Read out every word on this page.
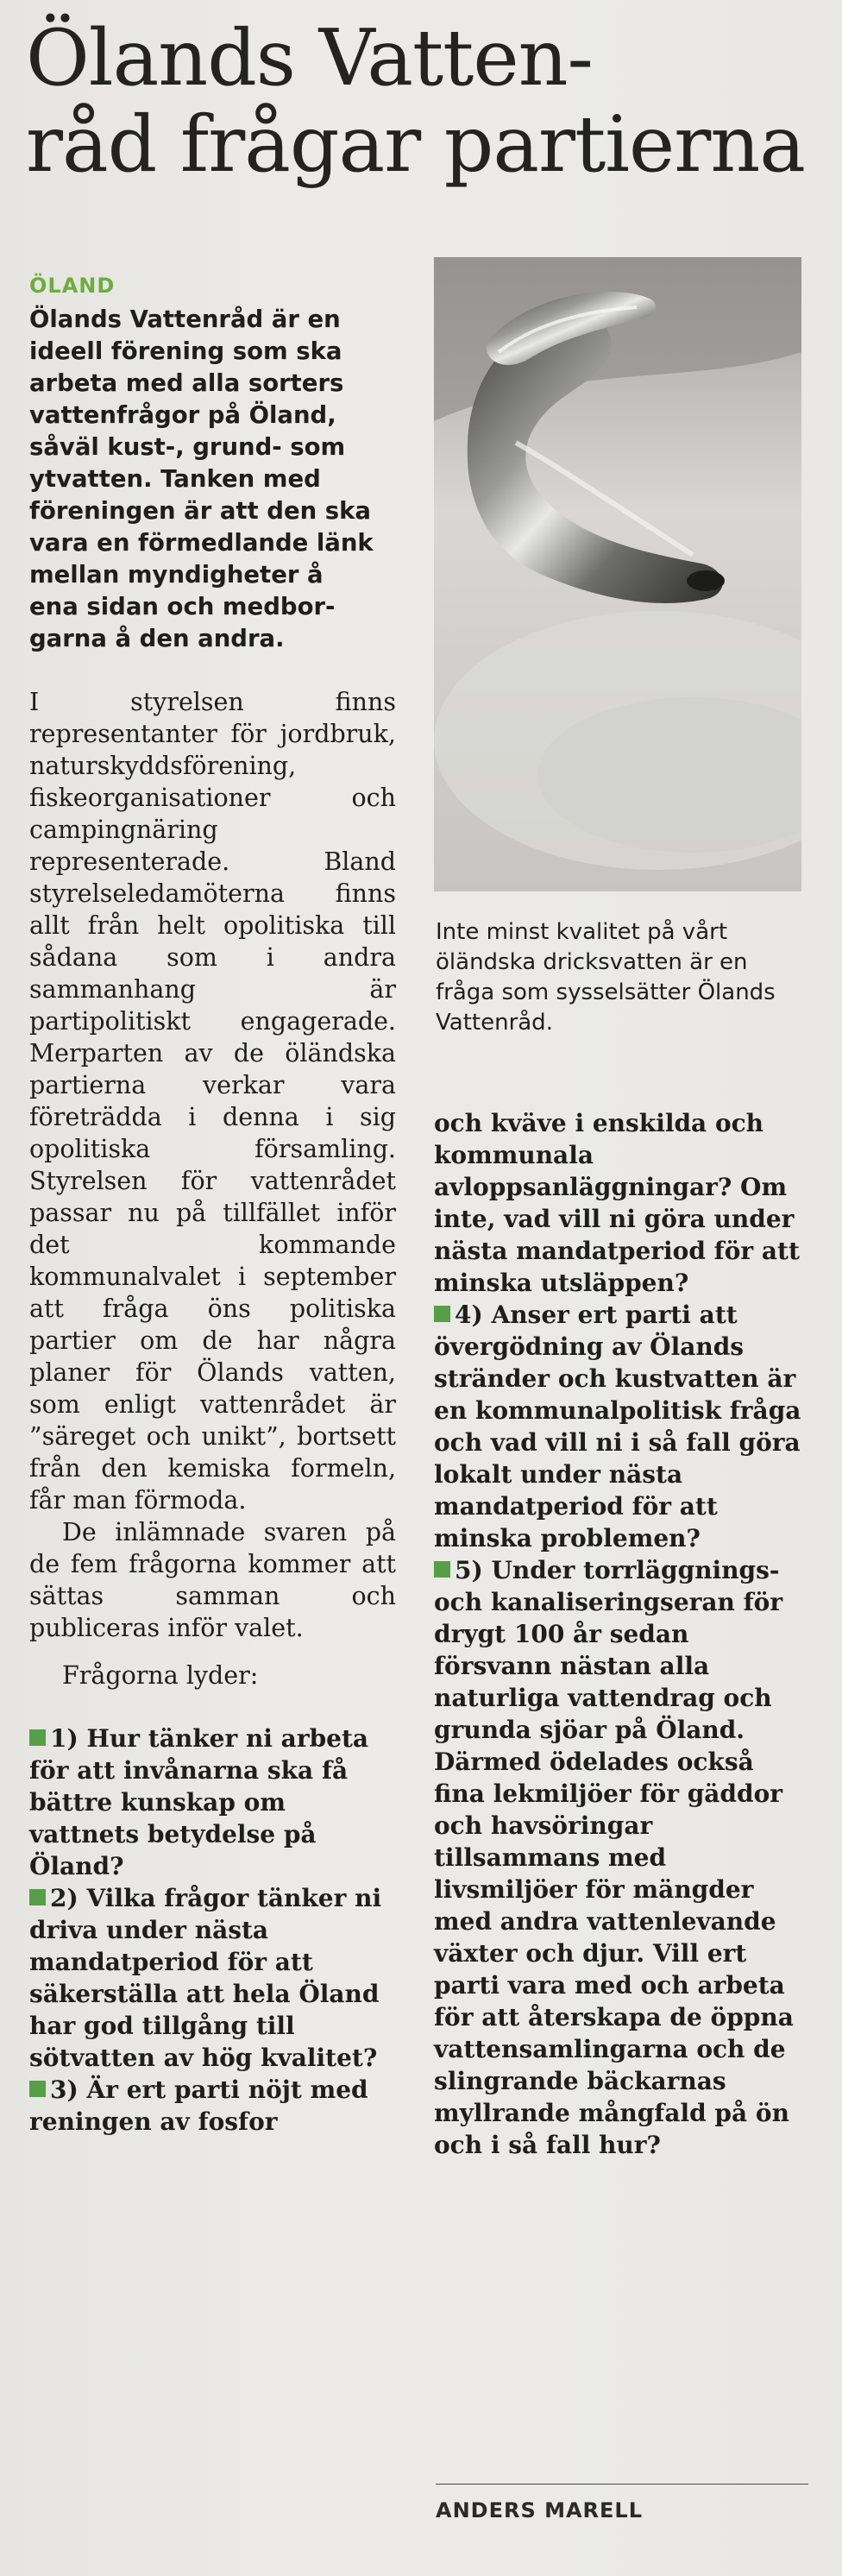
Ölands Vatten-
råd frågar partierna
ÖLAND

Inte minst kvalitet på vårt öländska dricksvatten är en fråga som sysselsätter Ölands Vattenråd.

Ölands Vattenråd är en
ideell förening som ska
arbeta med alla sorters
vattenfrågor på Öland,
såväl kust-, grund- som
ytvatten. Tanken med
föreningen är att den ska
vara en förmedlande länk
mellan myndigheter å
ena sidan och medbor-
garna å den andra.

I styrelsen finns representanter för jordbruk, naturskyddsförening, fiskeorganisationer och campingnäring representerade. Bland styrelseledamöterna finns allt från helt opolitiska till sådana som i andra sammanhang är partipolitiskt engagerade. Merparten av de öländska partierna verkar vara företrädda i denna i sig opolitiska församling. Styrelsen för vattenrådet passar nu på tillfället inför det kommande kommunalvalet i september att fråga öns politiska partier om de har några planer för Ölands vatten, som enligt vattenrådet är ”säreget och unikt”, bortsett från den kemiska formeln, får man förmoda.

De inlämnade svaren på de fem frågorna kommer att sättas samman och publiceras inför valet.

Frågorna lyder:

1) Hur tänker ni arbeta för att invånarna ska få bättre kunskap om vattnets betydelse på Öland?

2) Vilka frågor tänker ni driva under nästa mandatperiod för att säkerställa att hela Öland har god tillgång till sötvatten av hög kvalitet?

3) Är ert parti nöjt med reningen av fosfor

och kväve i enskilda och kommunala avloppsanläggningar? Om inte, vad vill ni göra under nästa mandatperiod för att minska utsläppen?

4) Anser ert parti att övergödning av Ölands stränder och kustvatten är en kommunalpolitisk fråga och vad vill ni i så fall göra lokalt under nästa mandatperiod för att minska problemen?

5) Under torrläggnings- och kanaliseringseran för drygt 100 år sedan försvann nästan alla naturliga vattendrag och grunda sjöar på Öland. Därmed ödelades också fina lekmiljöer för gäddor och havsöringar tillsammans med livsmiljöer för mängder med andra vattenlevande växter och djur. Vill ert parti vara med och arbeta för att återskapa de öppna vattensamlingarna och de slingrande bäckarnas myllrande mångfald på ön och i så fall hur?

ANDERS MARELL
